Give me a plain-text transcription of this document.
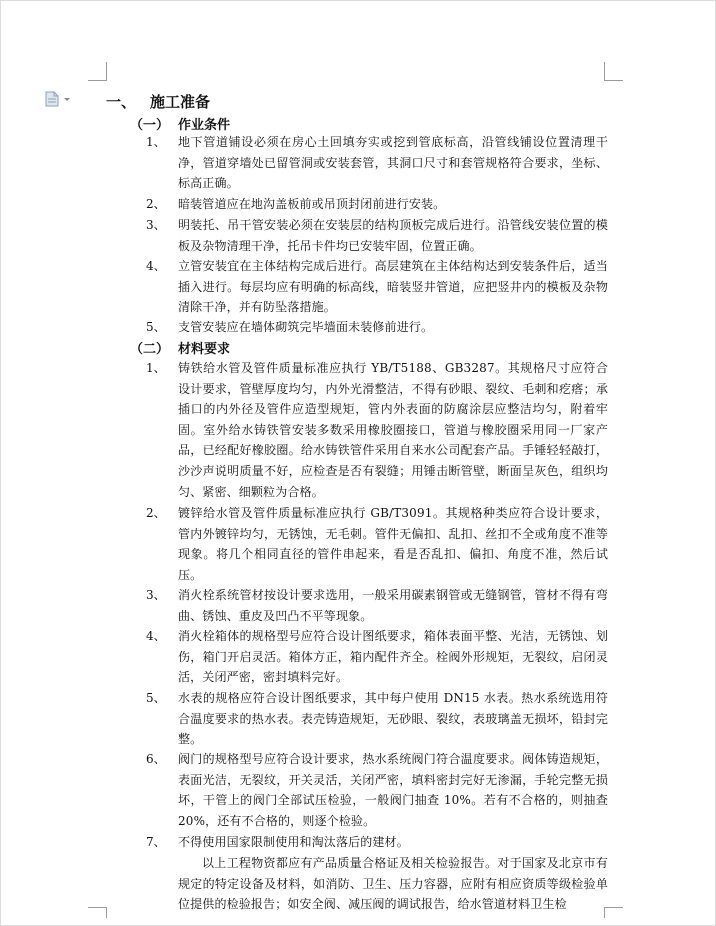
一、 施工准备
（一） 作业条件
1、	地下管道铺设必须在房心土回填夯实或挖到管底标高，沿管线铺设位置清理干净，管道穿墙处已留管洞或安装套管，其洞口尺寸和套管规格符合要求，坐标、标高正确。
2、	暗装管道应在地沟盖板前或吊顶封闭前进行安装。
3、	明装托、吊干管安装必须在安装层的结构顶板完成后进行。沿管线安装位置的模板及杂物清理干净，托吊卡件均已安装牢固，位置正确。
4、	立管安装宜在主体结构完成后进行。高层建筑在主体结构达到安装条件后，适当插入进行。每层均应有明确的标高线，暗装竖井管道，应把竖井内的模板及杂物清除干净，并有防坠落措施。
5、	支管安装应在墙体砌筑完毕墙面未装修前进行。
（二） 材料要求
1、	铸铁给水管及管件质量标准应执行 YB/T5188、GB3287。其规格尺寸应符合设计要求，管壁厚度均匀，内外光滑整洁，不得有砂眼、裂纹、毛刺和疙瘩；承插口的内外径及管件应造型规矩，管内外表面的防腐涂层应整洁均匀，附着牢固。室外给水铸铁管安装多数采用橡胶圈接口，管道与橡胶圈采用同一厂家产品，已经配好橡胶圈。给水铸铁管件采用自来水公司配套产品。手锤轻轻敲打，沙沙声说明质量不好，应检查是否有裂缝；用锤击断管壁，断面呈灰色，组织均匀、紧密、细颗粒为合格。
2、	镀锌给水管及管件质量标准应执行 GB/T3091。其规格种类应符合设计要求，管内外镀锌均匀，无锈蚀，无毛刺。管件无偏扣、乱扣、丝扣不全或角度不准等现象。将几个相同直径的管件串起来，看是否乱扣、偏扣、角度不准，然后试压。
3、	消火栓系统管材按设计要求选用，一般采用碳素钢管或无缝钢管，管材不得有弯曲、锈蚀、重皮及凹凸不平等现象。
4、	消火栓箱体的规格型号应符合设计图纸要求，箱体表面平整、光洁，无锈蚀、划伤，箱门开启灵活。箱体方正，箱内配件齐全。栓阀外形规矩，无裂纹，启闭灵活，关闭严密，密封填料完好。
5、	水表的规格应符合设计图纸要求，其中每户使用 DN15 水表。热水系统选用符合温度要求的热水表。表壳铸造规矩，无砂眼、裂纹，表玻璃盖无损坏，铅封完整。
6、	阀门的规格型号应符合设计要求，热水系统阀门符合温度要求。阀体铸造规矩，表面光洁，无裂纹，开关灵活，关闭严密，填料密封完好无渗漏，手轮完整无损坏，干管上的阀门全部试压检验，一般阀门抽查 10%。若有不合格的，则抽查 20%，还有不合格的，则逐个检验。
7、	不得使用国家限制使用和淘汰落后的建材。
以上工程物资都应有产品质量合格证及相关检验报告。对于国家及北京市有规定的特定设备及材料，如消防、卫生、压力容器，应附有相应资质等级检验单位提供的检验报告；如安全阀、减压阀的调试报告，给水管道材料卫生检
